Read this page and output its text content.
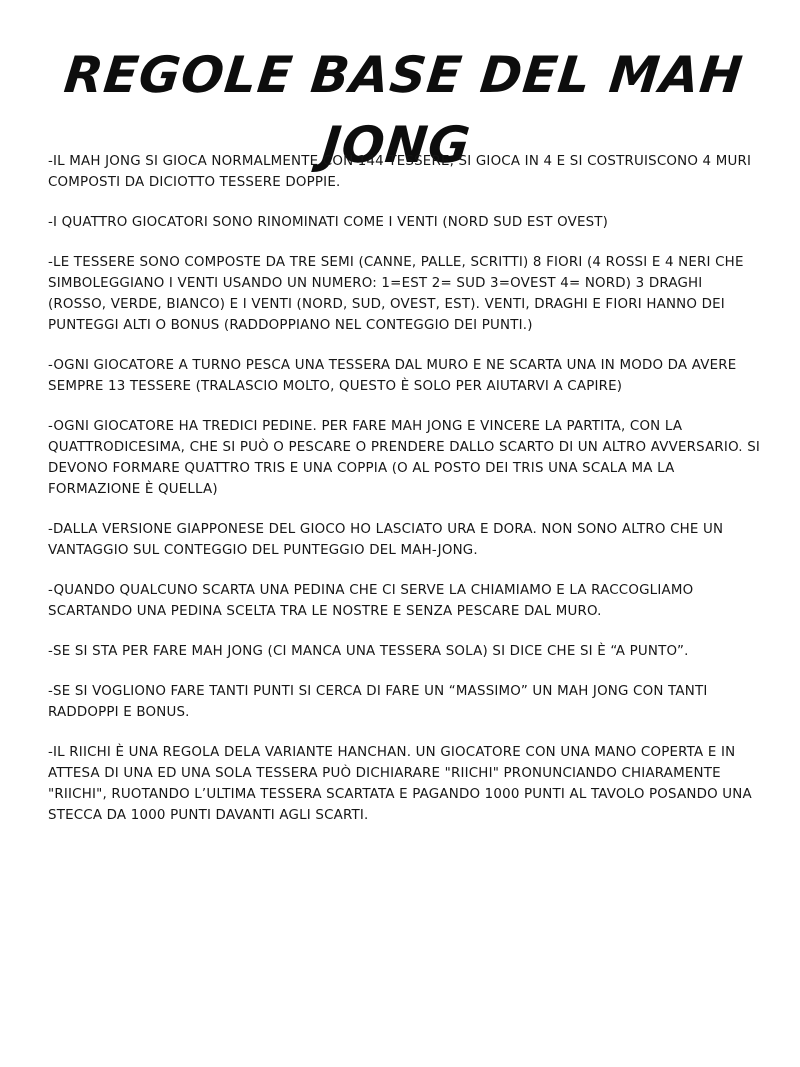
REGOLE BASE DEL MAH JONG
-IL MAH JONG SI GIOCA NORMALMENTE CON 144 TESSERE, SI GIOCA IN 4 E SI COSTRUISCONO 4 MURI COMPOSTI DA DICIOTTO TESSERE DOPPIE.
-I QUATTRO GIOCATORI SONO RINOMINATI COME I VENTI (NORD SUD EST OVEST)
-LE TESSERE SONO COMPOSTE DA TRE SEMI (CANNE, PALLE, SCRITTI) 8 FIORI (4 ROSSI E 4 NERI CHE SIMBOLEGGIANO I VENTI USANDO UN NUMERO: 1=EST 2= SUD 3=OVEST 4= NORD) 3 DRAGHI (ROSSO, VERDE, BIANCO) E I VENTI (NORD, SUD, OVEST, EST). VENTI, DRAGHI E FIORI HANNO DEI PUNTEGGI ALTI O BONUS (RADDOPPIANO NEL CONTEGGIO DEI PUNTI.)
-OGNI GIOCATORE A TURNO PESCA UNA TESSERA DAL MURO E NE SCARTA UNA IN MODO DA AVERE SEMPRE 13 TESSERE (TRALASCIO MOLTO, QUESTO È SOLO PER AIUTARVI A CAPIRE)
-OGNI GIOCATORE HA TREDICI PEDINE. PER FARE MAH JONG E VINCERE LA PARTITA, CON LA QUATTRODICESIMA, CHE SI PUÒ O PESCARE O PRENDERE DALLO SCARTO DI UN ALTRO AVVERSARIO. SI DEVONO FORMARE QUATTRO TRIS E UNA COPPIA (O AL POSTO DEI TRIS UNA SCALA MA LA FORMAZIONE È QUELLA)
-DALLA VERSIONE GIAPPONESE DEL GIOCO HO LASCIATO URA E DORA. NON SONO ALTRO CHE UN VANTAGGIO SUL CONTEGGIO DEL PUNTEGGIO DEL MAH-JONG.
-QUANDO QUALCUNO SCARTA UNA PEDINA CHE CI SERVE LA CHIAMIAMO E LA RACCOGLIAMO SCARTANDO UNA PEDINA SCELTA TRA LE NOSTRE E SENZA PESCARE DAL MURO.
-SE SI STA PER FARE MAH JONG (CI MANCA UNA TESSERA SOLA) SI DICE CHE SI È “A PUNTO”.
-SE SI VOGLIONO FARE TANTI PUNTI SI CERCA DI FARE UN “MASSIMO” UN MAH JONG CON TANTI RADDOPPI E BONUS.
-IL RIICHI È UNA REGOLA DELA VARIANTE HANCHAN. UN GIOCATORE CON UNA MANO COPERTA E IN ATTESA DI UNA ED UNA SOLA TESSERA PUÒ DICHIARARE "RIICHI" PRONUNCIANDO CHIARAMENTE "RIICHI", RUOTANDO L’ULTIMA TESSERA SCARTATA E PAGANDO 1000 PUNTI AL TAVOLO POSANDO UNA STECCA DA 1000 PUNTI DAVANTI AGLI SCARTI.
